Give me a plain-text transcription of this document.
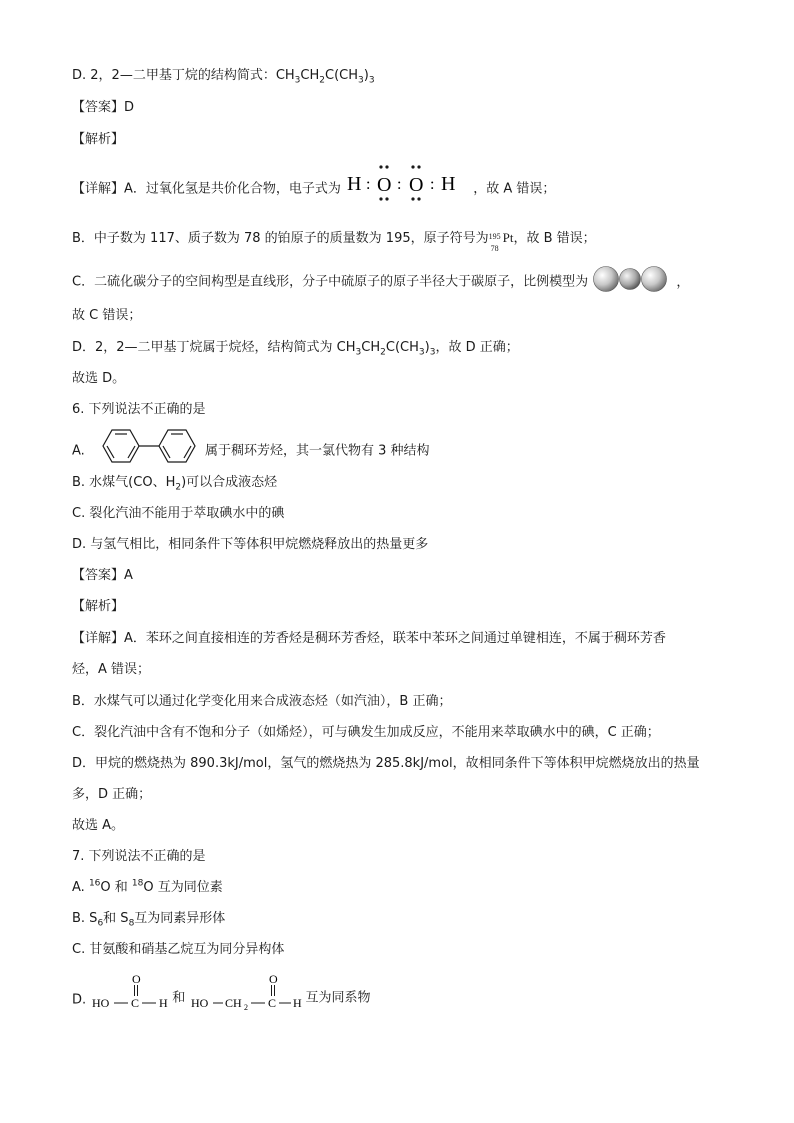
D. 2，2—二甲基丁烷的结构简式：$CH_3CH_2C(CH_3)_3$
【答案】D
【解析】
【详解】A．过氧化氢是共价化合物，电子式为 H : O : O : H ，故 A 错误；
B．中子数为 117、质子数为 78 的铂原子的质量数为 195，原子符号为 195
78
Pt，故 B 错误；
C．二硫化碳分子的空间构型是直线形，分子中硫原子的原子半径大于碳原子，比例模型为	，
故 C 错误；
D．2，2—二甲基丁烷属于烷烃，结构简式为 $CH_3CH_2C(CH_3)_3$，故 D 正确；
故选 D。
6. 下列说法不正确的是
A.	属于稠环芳烃，其一氯代物有 3 种结构
B. 水煤气(CO、$H_2$)可以合成液态烃
C. 裂化汽油不能用于萃取碘水中的碘
D. 与氢气相比，相同条件下等体积甲烷燃烧释放出的热量更多
【答案】A
【解析】
【详解】A．苯环之间直接相连的芳香烃是稠环芳香烃，联苯中苯环之间通过单键相连，不属于稠环芳香
烃，A 错误；
B．水煤气可以通过化学变化用来合成液态烃（如汽油），B 正确；
C．裂化汽油中含有不饱和分子（如烯烃），可与碘发生加成反应，不能用来萃取碘水中的碘，C 正确；
D．甲烷的燃烧热为 890.3kJ/mol，氢气的燃烧热为 285.8kJ/mol，故相同条件下等体积甲烷燃烧放出的热量
多，D 正确；
故选 A。
7. 下列说法不正确的是
A. $^{16}$O 和 $^{18}$O 互为同位素
B. $S_6$和 $S_8$互为同素异形体
C. 甘氨酸和硝基乙烷互为同分异构体
D.
O
HO C H 和
O
HO CH 2 C H 互为同系物
